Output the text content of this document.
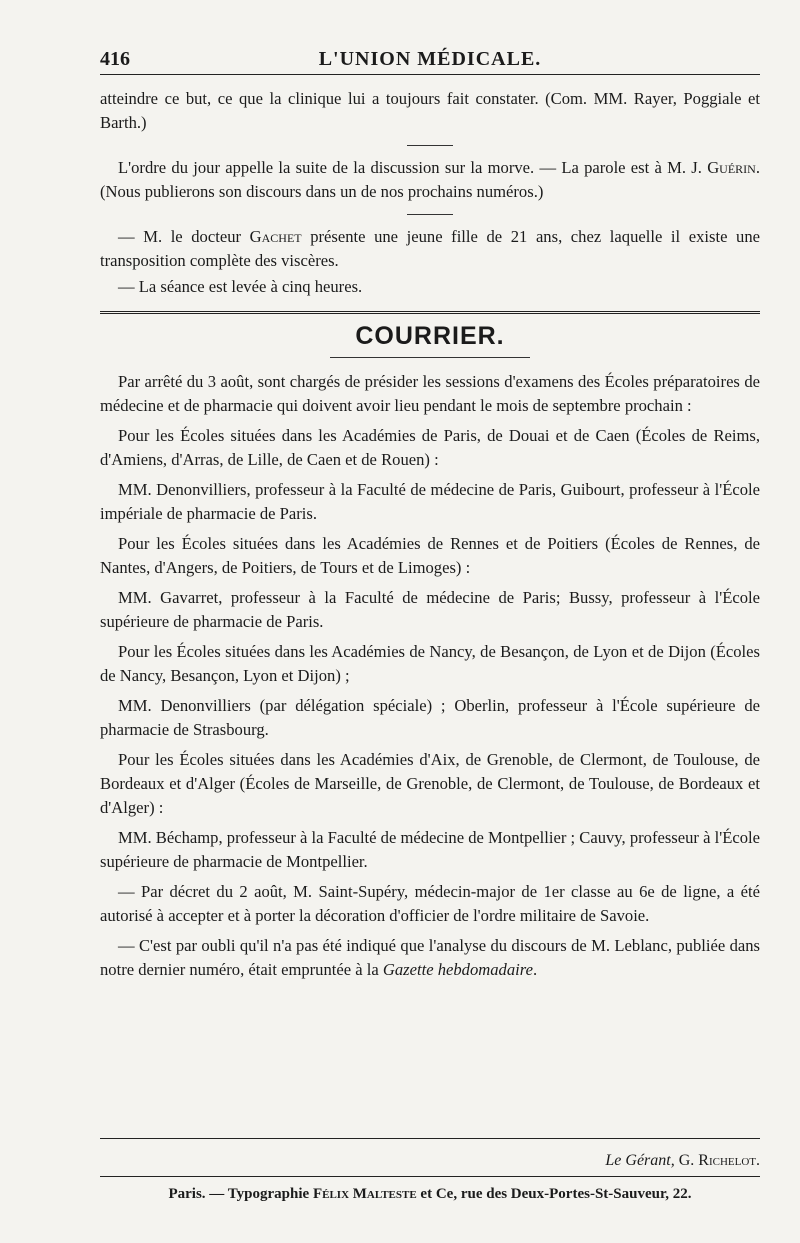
416	L'UNION MÉDICALE.

atteindre ce but, ce que la clinique lui a toujours fait constater. (Com. MM. Rayer, Poggiale et Barth.)

L'ordre du jour appelle la suite de la discussion sur la morve. — La parole est à M. J. Guérin. (Nous publierons son discours dans un de nos prochains numéros.)

— M. le docteur Gachet présente une jeune fille de 21 ans, chez laquelle il existe une transposition complète des viscères.

— La séance est levée à cinq heures.

COURRIER.

Par arrêté du 3 août, sont chargés de présider les sessions d'examens des Écoles préparatoires de médecine et de pharmacie qui doivent avoir lieu pendant le mois de septembre prochain :

Pour les Écoles situées dans les Académies de Paris, de Douai et de Caen (Écoles de Reims, d'Amiens, d'Arras, de Lille, de Caen et de Rouen) :

MM. Denonvilliers, professeur à la Faculté de médecine de Paris, Guibourt, professeur à l'École impériale de pharmacie de Paris.

Pour les Écoles situées dans les Académies de Rennes et de Poitiers (Écoles de Rennes, de Nantes, d'Angers, de Poitiers, de Tours et de Limoges) :

MM. Gavarret, professeur à la Faculté de médecine de Paris; Bussy, professeur à l'École supérieure de pharmacie de Paris.

Pour les Écoles situées dans les Académies de Nancy, de Besançon, de Lyon et de Dijon (Écoles de Nancy, Besançon, Lyon et Dijon) ;

MM. Denonvilliers (par délégation spéciale) ; Oberlin, professeur à l'École supérieure de pharmacie de Strasbourg.

Pour les Écoles situées dans les Académies d'Aix, de Grenoble, de Clermont, de Toulouse, de Bordeaux et d'Alger (Écoles de Marseille, de Grenoble, de Clermont, de Toulouse, de Bordeaux et d'Alger) :

MM. Béchamp, professeur à la Faculté de médecine de Montpellier ; Cauvy, professeur à l'École supérieure de pharmacie de Montpellier.

— Par décret du 2 août, M. Saint-Supéry, médecin-major de 1er classe au 6e de ligne, a été autorisé à accepter et à porter la décoration d'officier de l'ordre militaire de Savoie.

— C'est par oubli qu'il n'a pas été indiqué que l'analyse du discours de M. Leblanc, publiée dans notre dernier numéro, était empruntée à la Gazette hebdomadaire.

Le Gérant, G. Richelot.
Paris. — Typographie Félix Malteste et Ce, rue des Deux-Portes-St-Sauveur, 22.
